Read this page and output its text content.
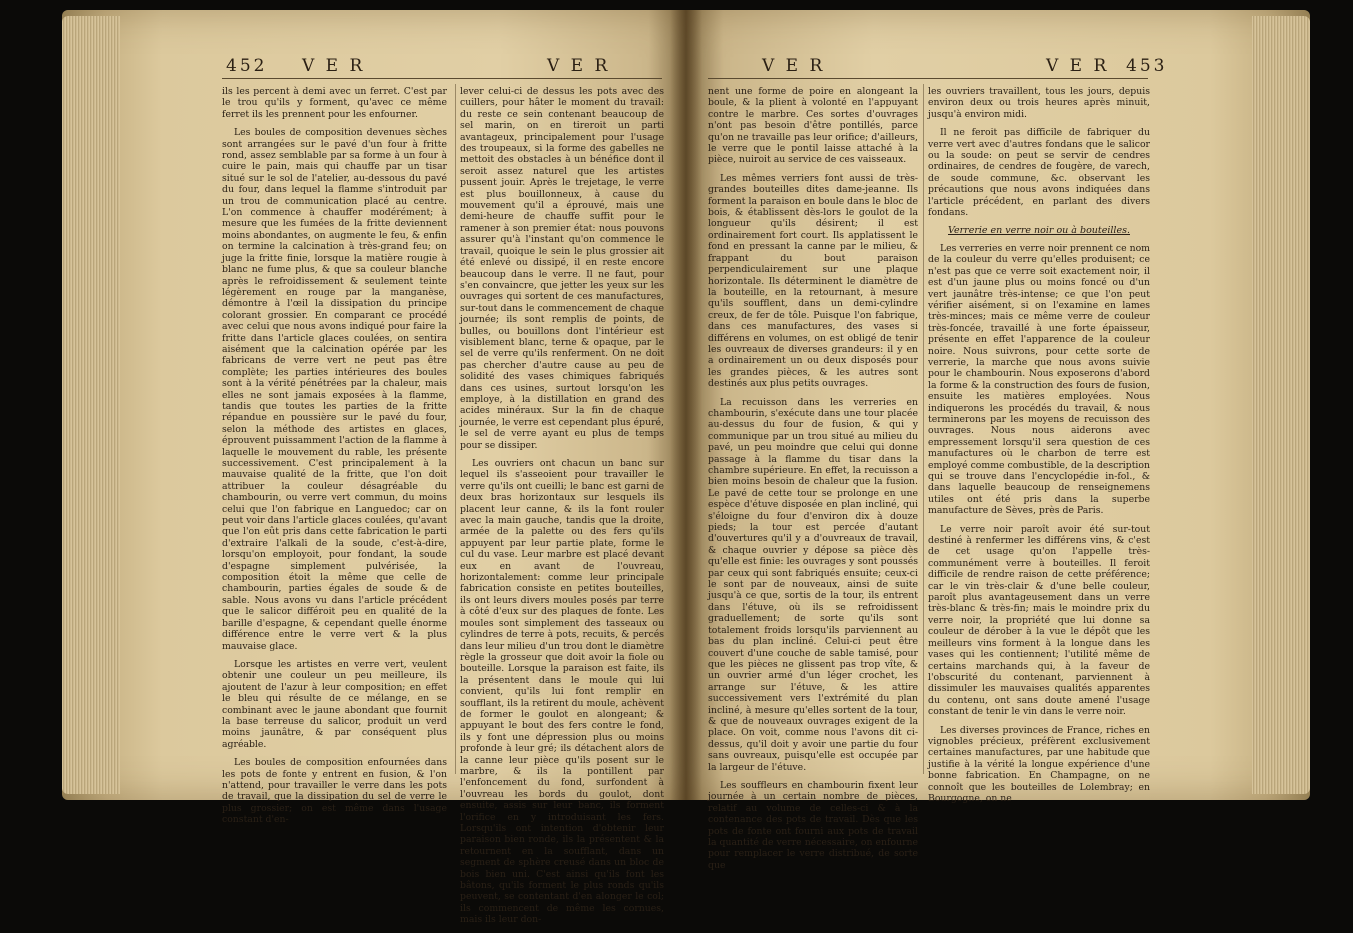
452 V E R	V E R

ils les percent à demi avec un ferret. C'est par le trou qu'ils y forment, qu'avec ce même ferret ils les prennent pour les enfourner.

Les boules de composition devenues sèches sont arrangées sur le pavé d'un four à fritte rond, assez semblable par sa forme à un four à cuire le pain, mais qui chauffe par un tisar situé sur le sol de l'atelier, au-dessous du pavé du four, dans lequel la flamme s'introduit par un trou de communication placé au centre. L'on commence à chauffer modérément; à mesure que les fumées de la fritte deviennent moins abondantes, on augmente le feu, & enfin on termine la calcination à très-grand feu; on juge la fritte finie, lorsque la matière rougie à blanc ne fume plus, & que sa couleur blanche après le refroidissement & seulement teinte légèrement en rouge par la manganèse, démontre à l'œil la dissipation du principe colorant grossier. En comparant ce procédé avec celui que nous avons indiqué pour faire la fritte dans l'article glaces coulées, on sentira aisément que la calcination opérée par les fabricans de verre vert ne peut pas être complète; les parties intérieures des boules sont à la vérité pénétrées par la chaleur, mais elles ne sont jamais exposées à la flamme, tandis que toutes les parties de la fritte répandue en poussière sur le pavé du four, selon la méthode des artistes en glaces, éprouvent puissamment l'action de la flamme à laquelle le mouvement du rable, les présente successivement. C'est principalement à la mauvaise qualité de la fritte, que l'on doit attribuer la couleur désagréable du chambourin, ou verre vert commun, du moins celui que l'on fabrique en Languedoc; car on peut voir dans l'article glaces coulées, qu'avant que l'on eût pris dans cette fabrication le parti d'extraire l'alkali de la soude, c'est-à-dire, lorsqu'on employoit, pour fondant, la soude d'espagne simplement pulvérisée, la composition étoit la même que celle de chambourin, parties égales de soude & de sable. Nous avons vu dans l'article précédent que le salicor différoit peu en qualité de la barille d'espagne, & cependant quelle énorme différence entre le verre vert & la plus mauvaise glace.

Lorsque les artistes en verre vert, veulent obtenir une couleur un peu meilleure, ils ajoutent de l'azur à leur composition; en effet le bleu qui résulte de ce mélange, en se combinant avec le jaune abondant que fournit la base terreuse du salicor, produit un verd moins jaunâtre, & par conséquent plus agréable.

Les boules de composition enfournées dans les pots de fonte y entrent en fusion, & l'on n'attend, pour travailler le verre dans les pots de travail, que la dissipation du sel de verre le plus grossier; on est même dans l'usage constant d'en-

lever celui-ci de dessus les pots avec des cuillers, pour hâter le moment du travail: du reste ce sein contenant beaucoup de sel marin, on en tireroit un parti avantageux, principalement pour l'usage des troupeaux, si la forme des gabelles ne mettoit des obstacles à un bénéfice dont il seroit assez naturel que les artistes pussent jouir. Après le trejetage, le verre est plus bouillonneux, à cause du mouvement qu'il a éprouvé, mais une demi-heure de chauffe suffit pour le ramener à son premier état: nous pouvons assurer qu'à l'instant qu'on commence le travail, quoique le sein le plus grossier ait été enlevé ou dissipé, il en reste encore beaucoup dans le verre. Il ne faut, pour s'en convaincre, que jetter les yeux sur les ouvrages qui sortent de ces manufactures, sur-tout dans le commencement de chaque journée; ils sont remplis de points, de bulles, ou bouillons dont l'intérieur est visiblement blanc, terne & opaque, par le sel de verre qu'ils renferment. On ne doit pas chercher d'autre cause au peu de solidité des vases chimiques fabriqués dans ces usines, surtout lorsqu'on les employe, à la distillation en grand des acides minéraux. Sur la fin de chaque journée, le verre est cependant plus épuré, le sel de verre ayant eu plus de temps pour se dissiper.

Les ouvriers ont chacun un banc sur lequel ils s'asseoient pour travailler le verre qu'ils ont cueilli; le banc est garni de deux bras horizontaux sur lesquels ils placent leur canne, & ils la font rouler avec la main gauche, tandis que la droite, armée de la palette ou des fers qu'ils appuyent par leur partie plate, forme le cul du vase. Leur marbre est placé devant eux en avant de l'ouvreau, horizontalement: comme leur principale fabrication consiste en petites bouteilles, ils ont leurs divers moules posés par terre à côté d'eux sur des plaques de fonte. Les moules sont simplement des tasseaux ou cylindres de terre à pots, recuits, & percés dans leur milieu d'un trou dont le diamètre règle la grosseur que doit avoir la fiole ou bouteille. Lorsque la paraison est faite, ils la présentent dans le moule qui lui convient, qu'ils lui font remplir en soufflant, ils la retirent du moule, achèvent de former le goulot en alongeant; & appuyant le bout des fers contre le fond, ils y font une dépression plus ou moins profonde à leur gré; ils détachent alors de la canne leur pièce qu'ils posent sur le marbre, & ils la pontillent par l'enfoncement du fond, surfondent à l'ouvreau les bords du goulot, dont ensuite, assis sur leur banc, ils forment l'orifice en y introduisant les fers. Lorsqu'ils ont intention d'obtenir leur paraison bien ronde, ils la présentent & la retournent en la soufflant, dans un segment de sphère creusé dans un bloc de bois bien uni. C'est ainsi qu'ils font les bâtons, qu'ils forment le plus ronds qu'ils peuvent, se contentant d'en alonger le col; ils commencent de même les cornues, mais ils leur don-

V E R	V E R 453

nent une forme de poire en alongeant la boule, & la plient à volonté en l'appuyant contre le marbre. Ces sortes d'ouvrages n'ont pas besoin d'être pontillés, parce qu'on ne travaille pas leur orifice; d'ailleurs, le verre que le pontil laisse attaché à la pièce, nuiroit au service de ces vaisseaux.

Les mêmes verriers font aussi de très-grandes bouteilles dites dame-jeanne. Ils forment la paraison en boule dans le bloc de bois, & établissent dès-lors le goulot de la longueur qu'ils désirent; il est ordinairement fort court. Ils applatissent le fond en pressant la canne par le milieu, & frappant du bout paraison perpendiculairement sur une plaque horizontale. Ils déterminent le diamètre de la bouteille, en la retournant, à mesure qu'ils soufflent, dans un demi-cylindre creux, de fer de tôle. Puisque l'on fabrique, dans ces manufactures, des vases si différens en volumes, on est obligé de tenir les ouvreaux de diverses grandeurs: il y en a ordinairement un ou deux disposés pour les grandes pièces, & les autres sont destinés aux plus petits ouvrages.

La recuisson dans les verreries en chambourin, s'exécute dans une tour placée au-dessus du four de fusion, & qui y communique par un trou situé au milieu du pavé, un peu moindre que celui qui donne passage à la flamme du tisar dans la chambre supérieure. En effet, la recuisson a bien moins besoin de chaleur que la fusion. Le pavé de cette tour se prolonge en une espèce d'étuve disposée en plan incliné, qui s'éloigne du four d'environ dix à douze pieds; la tour est percée d'autant d'ouvertures qu'il y a d'ouvreaux de travail, & chaque ouvrier y dépose sa pièce dès qu'elle est finie: les ouvrages y sont poussés par ceux qui sont fabriqués ensuite; ceux-ci le sont par de nouveaux, ainsi de suite jusqu'à ce que, sortis de la tour, ils entrent dans l'étuve, où ils se refroidissent graduellement; de sorte qu'ils sont totalement froids lorsqu'ils parviennent au bas du plan incliné. Celui-ci peut être couvert d'une couche de sable tamisé, pour que les pièces ne glissent pas trop vîte, & un ouvrier armé d'un léger crochet, les arrange sur l'étuve, & les attire successivement vers l'extrémité du plan incliné, à mesure qu'elles sortent de la tour, & que de nouveaux ouvrages exigent de la place. On voit, comme nous l'avons dit ci-dessus, qu'il doit y avoir une partie du four sans ouvreaux, puisqu'elle est occupée par la largeur de l'étuve.

Les souffleurs en chambourin fixent leur journée à un certain nombre de pièces, relatif au volume de celles-ci & à la contenance des pots de travail. Dès que les pots de fonte ont fourni aux pots de travail la quantité de verre nécessaire, on enfourne pour remplacer le verre distribué, de sorte que

les ouvriers travaillent, tous les jours, depuis environ deux ou trois heures après minuit, jusqu'à environ midi.

Il ne feroit pas difficile de fabriquer du verre vert avec d'autres fondans que le salicor ou la soude: on peut se servir de cendres ordinaires, de cendres de fougère, de varech, de soude commune, &c. observant les précautions que nous avons indiquées dans l'article précédent, en parlant des divers fondans.

Verrerie en verre noir ou à bouteilles.

Les verreries en verre noir prennent ce nom de la couleur du verre qu'elles produisent; ce n'est pas que ce verre soit exactement noir, il est d'un jaune plus ou moins foncé ou d'un vert jaunâtre très-intense; ce que l'on peut vérifier aisément, si on l'examine en lames très-minces; mais ce même verre de couleur très-foncée, travaillé à une forte épaisseur, présente en effet l'apparence de la couleur noire. Nous suivrons, pour cette sorte de verrerie, la marche que nous avons suivie pour le chambourin. Nous exposerons d'abord la forme & la construction des fours de fusion, ensuite les matières employées. Nous indiquerons les procédés du travail, & nous terminerons par les moyens de recuisson des ouvrages. Nous nous aiderons avec empressement lorsqu'il sera question de ces manufactures où le charbon de terre est employé comme combustible, de la description qui se trouve dans l'encyclopédie in-fol., & dans laquelle beaucoup de renseignemens utiles ont été pris dans la superbe manufacture de Sèves, près de Paris.

Le verre noir paroît avoir été sur-tout destiné à renfermer les différens vins, & c'est de cet usage qu'on l'appelle très-communément verre à bouteilles. Il feroit difficile de rendre raison de cette préférence; car le vin très-clair & d'une belle couleur, paroît plus avantageusement dans un verre très-blanc & très-fin; mais le moindre prix du verre noir, la propriété que lui donne sa couleur de dérober à la vue le dépôt que les meilleurs vins forment à la longue dans les vases qui les contiennent; l'utilité même de certains marchands qui, à la faveur de l'obscurité du contenant, parviennent à dissimuler les mauvaises qualités apparentes du contenu, ont sans doute amené l'usage constant de tenir le vin dans le verre noir.

Les diverses provinces de France, riches en vignobles précieux, préfèrent exclusivement certaines manufactures, par une habitude que justifie à la vérité la longue expérience d'une bonne fabrication. En Champagne, on ne connoît que les bouteilles de Lolembray; en Bourgogne, on ne
